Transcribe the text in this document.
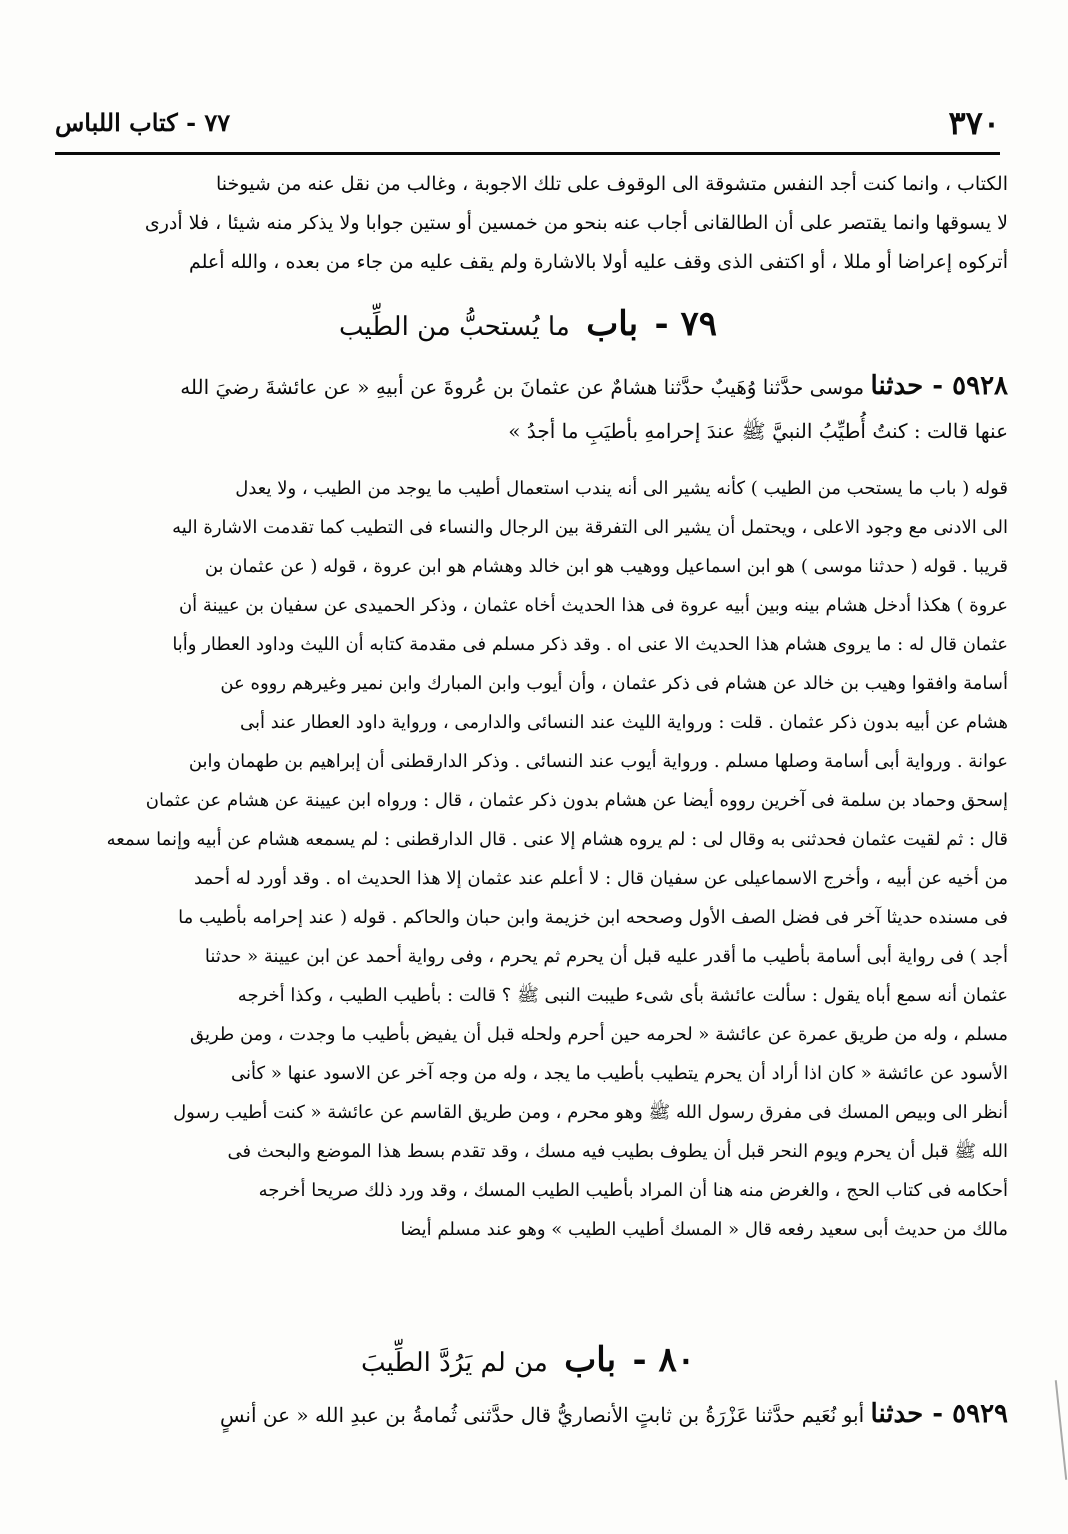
٣٧٠
٧٧ - كتاب اللباس
الكتاب ، وانما كنت أجد النفس متشوقة الى الوقوف على تلك الاجوبة ، وغالب من نقل عنه من شيوخنا
لا يسوقها وانما يقتصر على أن الطالقانى أجاب عنه بنحو من خمسين أو ستين جوابا ولا يذكر منه شيئا ، فلا أدرى
أتركوه إعراضا أو مللا ، أو اكتفى الذى وقف عليه أولا بالاشارة ولم يقف عليه من جاء من بعده ، والله أعلم
٧٩ - باب ما يُستحبُّ من الطِّيب
٥٩٢٨ - حدثنا موسى حدَّثنا وُهَيبٌ حدَّثنا هشامٌ عن عثمانَ بن عُروةَ عن أبيهِ « عن عائشةَ رضيَ الله
عنها قالت : كنتُ أُطيِّبُ النبيَّ ﷺ عندَ إحرامهِ بأطيَبِ ما أجدُ »
قوله ( باب ما يستحب من الطيب ) كأنه يشير الى أنه يندب استعمال أطيب ما يوجد من الطيب ، ولا يعدل
الى الادنى مع وجود الاعلى ، ويحتمل أن يشير الى التفرقة بين الرجال والنساء فى التطيب كما تقدمت الاشارة اليه
قريبا . قوله ( حدثنا موسى ) هو ابن اسماعيل ووهيب هو ابن خالد وهشام هو ابن عروة ، قوله ( عن عثمان بن
عروة ) هكذا أدخل هشام بينه وبين أبيه عروة فى هذا الحديث أخاه عثمان ، وذكر الحميدى عن سفيان بن عيينة أن
عثمان قال له : ما يروى هشام هذا الحديث الا عنى اه . وقد ذكر مسلم فى مقدمة كتابه أن الليث وداود العطار وأبا
أسامة وافقوا وهيب بن خالد عن هشام فى ذكر عثمان ، وأن أيوب وابن المبارك وابن نمير وغيرهم رووه عن
هشام عن أبيه بدون ذكر عثمان . قلت : ورواية الليث عند النسائى والدارمى ، ورواية داود العطار عند أبى
عوانة . ورواية أبى أسامة وصلها مسلم . ورواية أيوب عند النسائى . وذكر الدارقطنى أن إبراهيم بن طهمان وابن
إسحق وحماد بن سلمة فى آخرين رووه أيضا عن هشام بدون ذكر عثمان ، قال : ورواه ابن عيينة عن هشام عن عثمان
قال : ثم لقيت عثمان فحدثنى به وقال لى : لم يروه هشام إلا عنى . قال الدارقطنى : لم يسمعه هشام عن أبيه وإنما سمعه
من أخيه عن أبيه ، وأخرج الاسماعيلى عن سفيان قال : لا أعلم عند عثمان إلا هذا الحديث اه . وقد أورد له أحمد
فى مسنده حديثا آخر فى فضل الصف الأول وصححه ابن خزيمة وابن حبان والحاكم . قوله ( عند إحرامه بأطيب ما
أجد ) فى رواية أبى أسامة بأطيب ما أقدر عليه قبل أن يحرم ثم يحرم ، وفى رواية أحمد عن ابن عيينة « حدثنا
عثمان أنه سمع أباه يقول : سألت عائشة بأى شىء طيبت النبى ﷺ ؟ قالت : بأطيب الطيب ، وكذا أخرجه
مسلم ، وله من طريق عمرة عن عائشة « لحرمه حين أحرم ولحله قبل أن يفيض بأطيب ما وجدت ، ومن طريق
الأسود عن عائشة « كان اذا أراد أن يحرم يتطيب بأطيب ما يجد ، وله من وجه آخر عن الاسود عنها « كأنى
أنظر الى وبيص المسك فى مفرق رسول الله ﷺ وهو محرم ، ومن طريق القاسم عن عائشة « كنت أطيب رسول
الله ﷺ قبل أن يحرم ويوم النحر قبل أن يطوف بطيب فيه مسك ، وقد تقدم بسط هذا الموضع والبحث فى
أحكامه فى كتاب الحج ، والغرض منه هنا أن المراد بأطيب الطيب المسك ، وقد ورد ذلك صريحا أخرجه
مالك من حديث أبى سعيد رفعه قال « المسك أطيب الطيب » وهو عند مسلم أيضا
٨٠ - باب من لم يَرُدَّ الطِّيبَ
٥٩٢٩ - حدثنا أبو نُعَيم حدَّثنا عَزْرَةُ بن ثابتٍ الأنصاريُّ قال حدَّثنى ثُمامةُ بن عبدِ الله « عن أنسٍ
